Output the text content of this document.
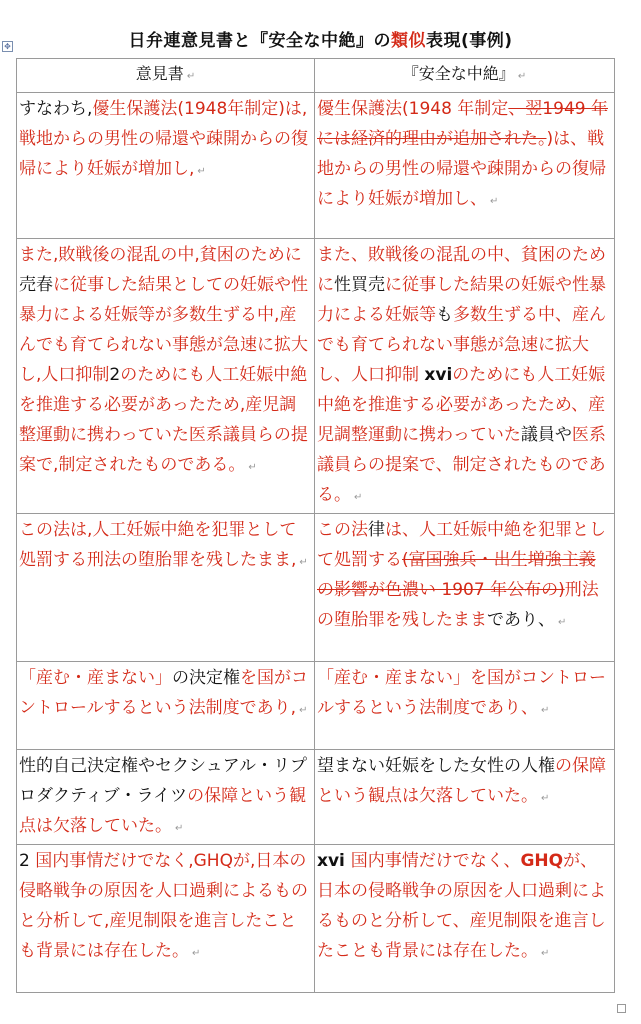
日弁連意見書と『安全な中絶』の類似表現(事例)
✥
意見書 ↵	『安全な中絶』 ↵
すなわち,優生保護法(1948年制定)は,戦地からの男性の帰還や疎開からの復帰により妊娠が増加し, ↵	優生保護法(1948 年制定、翌1949 年には経済的理由が追加された。)は、戦地からの男性の帰還や疎開からの復帰により妊娠が増加し、 ↵
また,敗戦後の混乱の中,貧困のために売春に従事した結果としての妊娠や性暴力による妊娠等が多数生ずる中,産んでも育てられない事態が急速に拡大し,人口抑制2のためにも人工妊娠中絶を推進する必要があったため,産児調整運動に携わっていた医系議員らの提案で,制定されたものである。 ↵	また、敗戦後の混乱の中、貧困のために性買売に従事した結果の妊娠や性暴力による妊娠等も多数生ずる中、産んでも育てられない事態が急速に拡大し、人口抑制 xviのためにも人工妊娠中絶を推進する必要があったため、産児調整運動に携わっていた議員や医系議員らの提案で、制定されたものである。 ↵
この法は,人工妊娠中絶を犯罪として処罰する刑法の堕胎罪を残したまま, ↵	この法律は、人工妊娠中絶を犯罪として処罰する(富国強兵・出生増強主義の影響が色濃い 1907 年公布の)刑法の堕胎罪を残したままであり、 ↵
「産む・産まない」の決定権を国がコントロールするという法制度であり, ↵	「産む・産まない」を国がコントロールするという法制度であり、 ↵
性的自己決定権やセクシュアル・リプロダクティブ・ライツの保障という観点は欠落していた。 ↵	望まない妊娠をした女性の人権の保障という観点は欠落していた。 ↵
2 国内事情だけでなく,GHQが,日本の侵略戦争の原因を人口過剰によるものと分析して,産児制限を進言したことも背景には存在した。 ↵	xvi 国内事情だけでなく、GHQが、日本の侵略戦争の原因を人口過剰によるものと分析して、産児制限を進言したことも背景には存在した。 ↵
